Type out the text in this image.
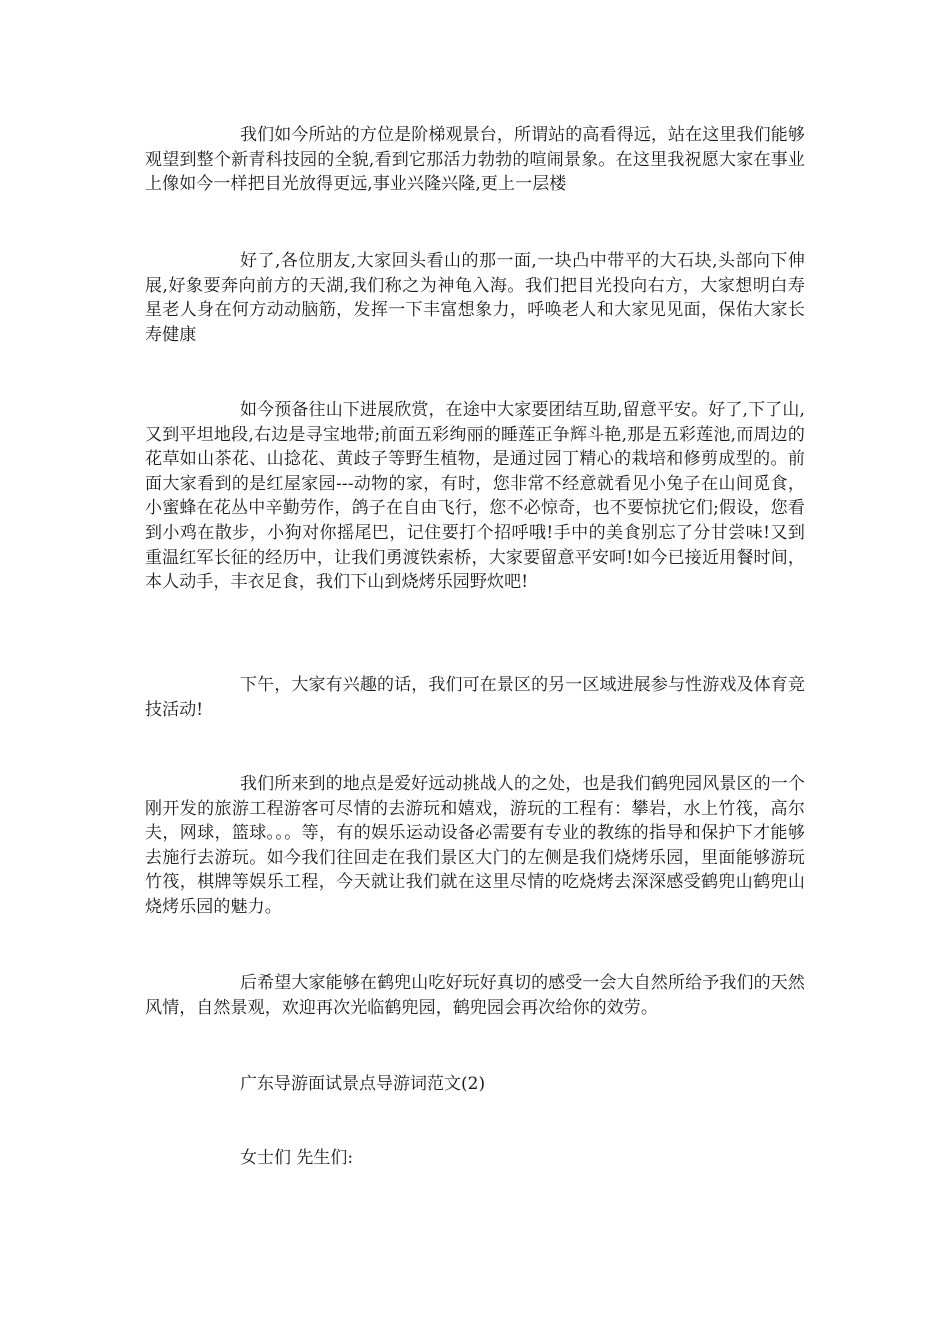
我们如今所站的方位是阶梯观景台，所谓站的高看得远，站在这里我们能够观望到整个新青科技园的全貌,看到它那活力勃勃的喧闹景象。在这里我祝愿大家在事业上像如今一样把目光放得更远,事业兴隆兴隆,更上一层楼

好了,各位朋友,大家回头看山的那一面,一块凸中带平的大石块,头部向下伸展,好象要奔向前方的天湖,我们称之为神龟入海。我们把目光投向右方，大家想明白寿星老人身在何方动动脑筋，发挥一下丰富想象力，呼唤老人和大家见见面，保佑大家长寿健康

如今预备往山下进展欣赏，在途中大家要团结互助,留意平安。好了,下了山,又到平坦地段,右边是寻宝地带;前面五彩绚丽的睡莲正争辉斗艳,那是五彩莲池,而周边的花草如山茶花、山捻花、黄歧子等野生植物，是通过园丁精心的栽培和修剪成型的。前面大家看到的是红屋家园---动物的家，有时，您非常不经意就看见小兔子在山间觅食，小蜜蜂在花丛中辛勤劳作，鸽子在自由飞行，您不必惊奇，也不要惊扰它们;假设，您看到小鸡在散步，小狗对你摇尾巴，记住要打个招呼哦!手中的美食别忘了分甘尝味!又到重温红军长征的经历中，让我们勇渡铁索桥，大家要留意平安呵!如今已接近用餐时间，本人动手，丰衣足食，我们下山到烧烤乐园野炊吧!

下午，大家有兴趣的话，我们可在景区的另一区域进展参与性游戏及体育竞技活动!

我们所来到的地点是爱好远动挑战人的之处，也是我们鹤兜园风景区的一个刚开发的旅游工程游客可尽情的去游玩和嬉戏，游玩的工程有：攀岩，水上竹筏，高尔夫，网球，篮球。。。等，有的娱乐运动设备必需要有专业的教练的指导和保护下才能够去施行去游玩。如今我们往回走在我们景区大门的左侧是我们烧烤乐园，里面能够游玩竹筏，棋牌等娱乐工程，今天就让我们就在这里尽情的吃烧烤去深深感受鹤兜山鹤兜山烧烤乐园的魅力。

后希望大家能够在鹤兜山吃好玩好真切的感受一会大自然所给予我们的天然风情，自然景观，欢迎再次光临鹤兜园，鹤兜园会再次给你的效劳。

广东导游面试景点导游词范文(2)

女士们 先生们:
